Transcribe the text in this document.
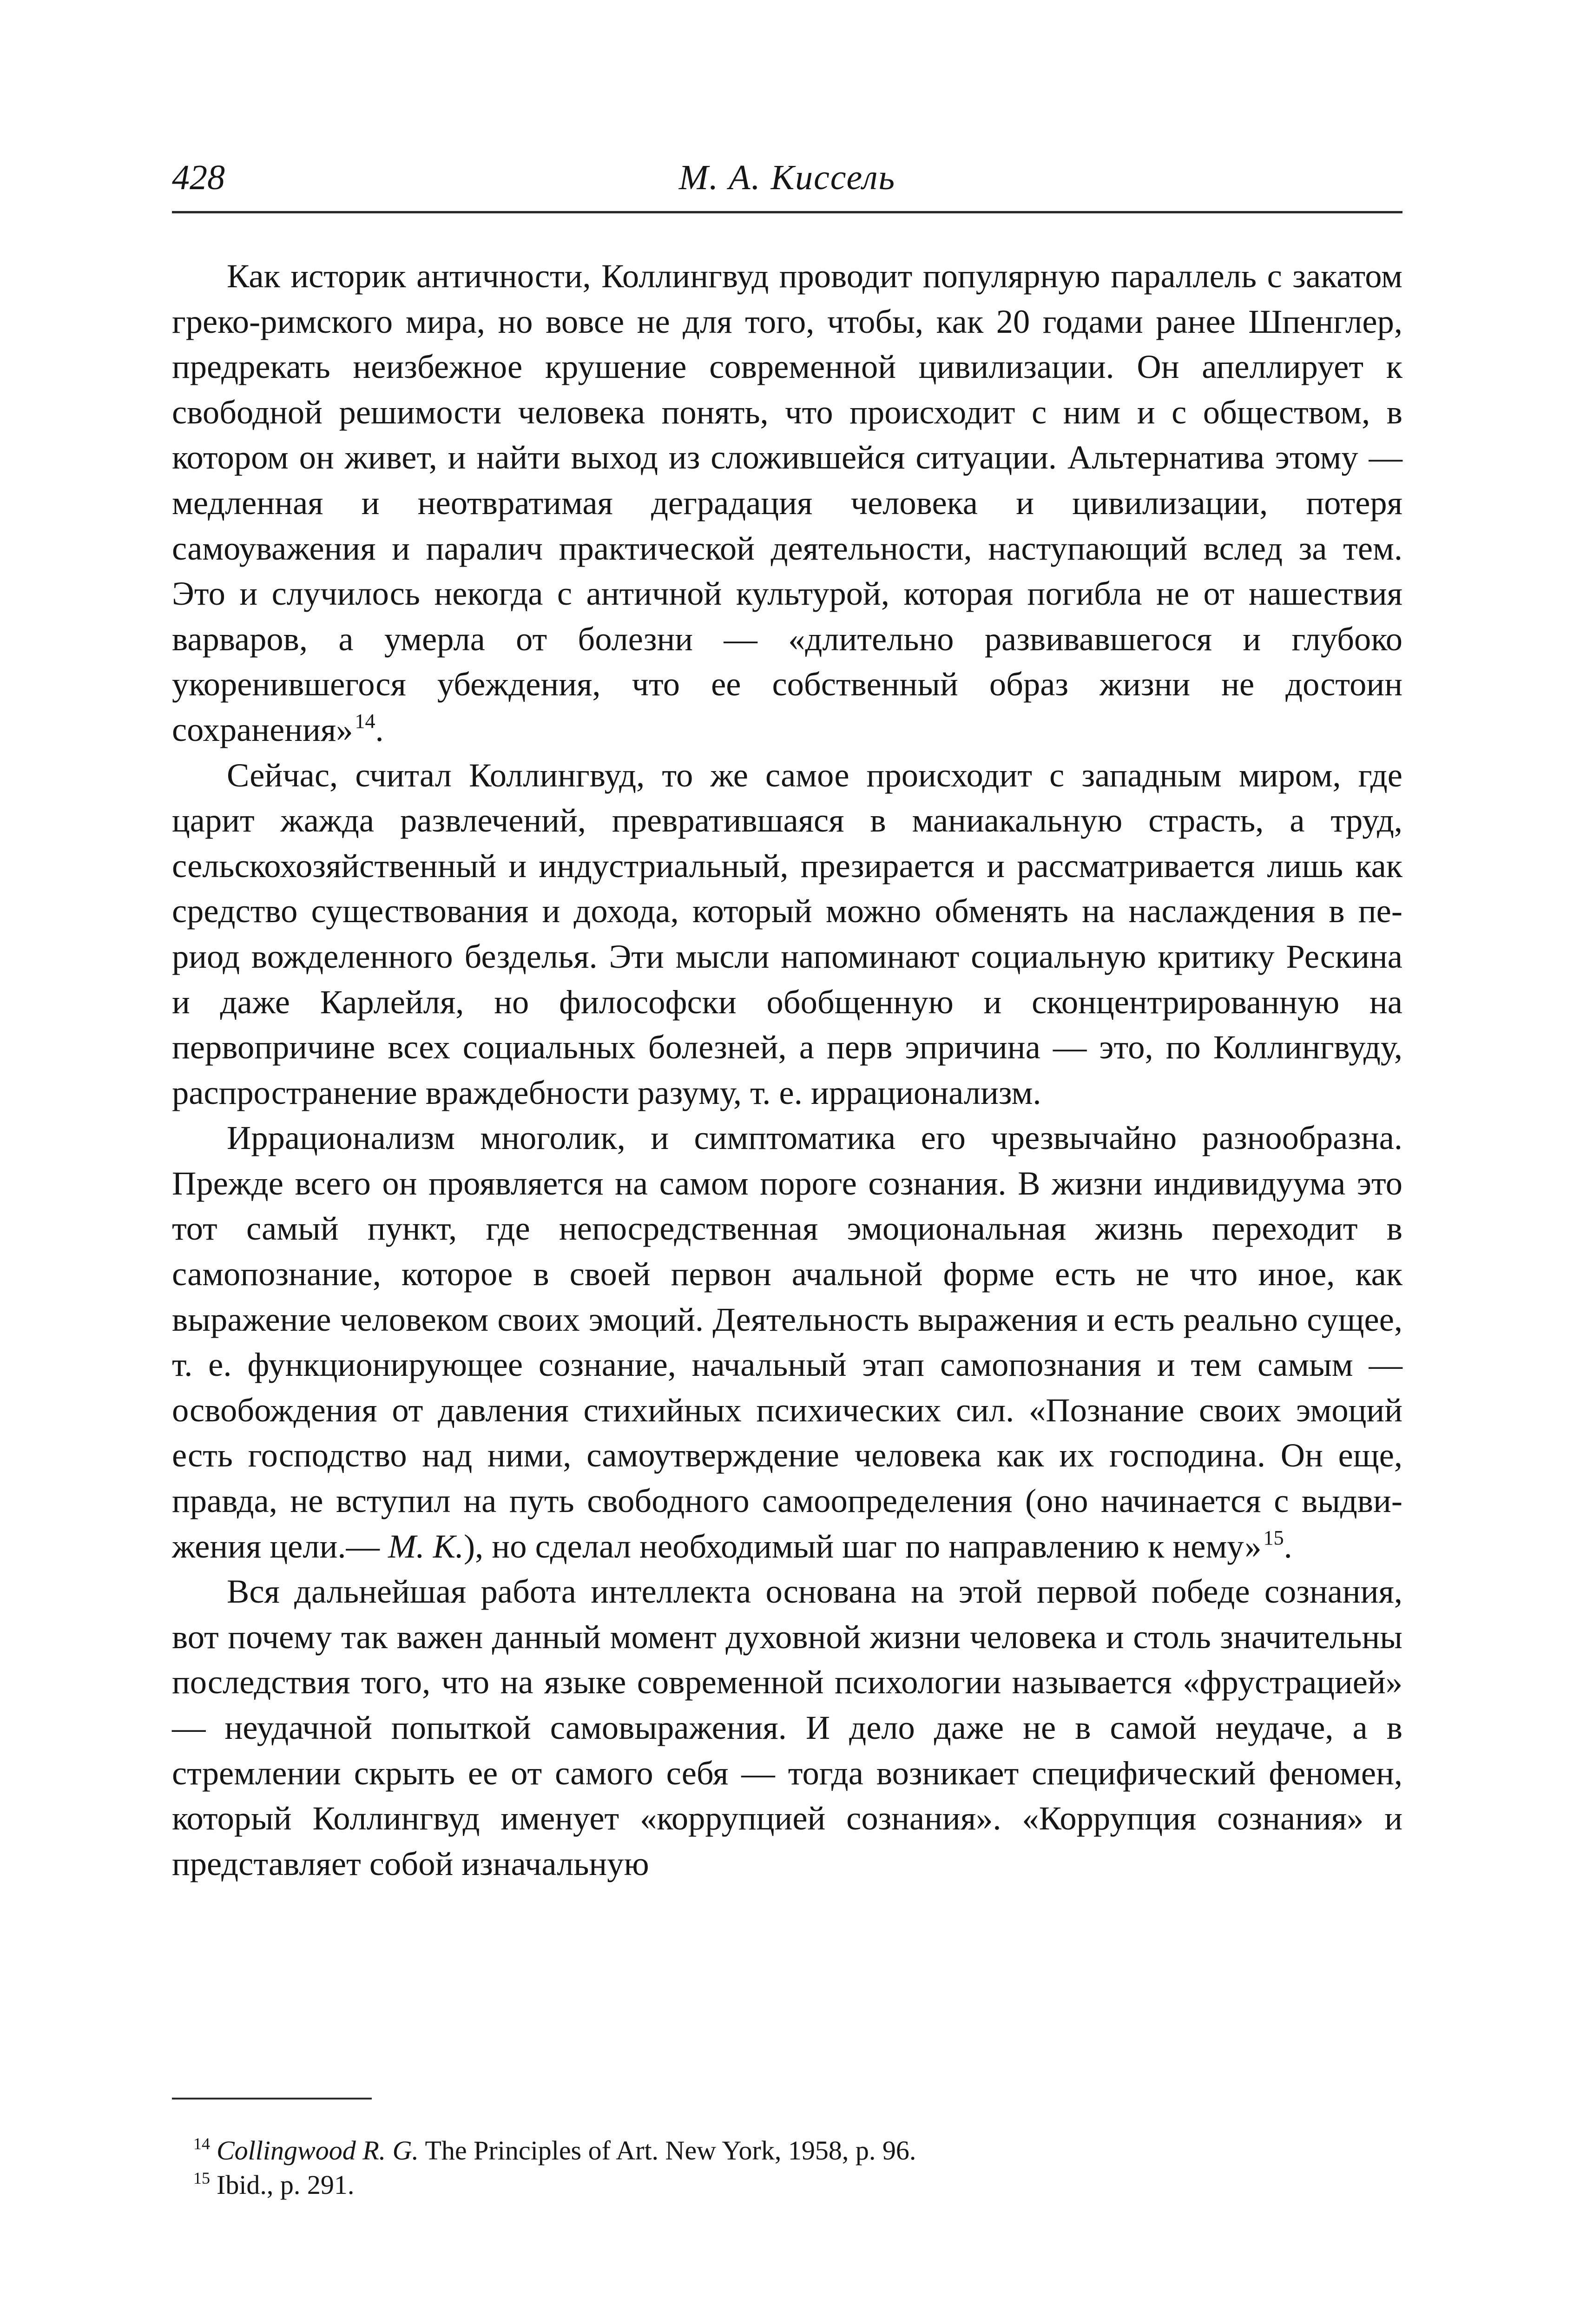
428	М. А. Киссель

Как историк античности, Коллингвуд проводит популярную параллель с закатом греко-римского мира, но вовсе не для того, чтобы, как 20 годами ранее Шпенглер, предрекать неизбежное крушение современной цивилизации. Он апеллирует к свободной решимости человека понять, что происходит с ним и с обществом, в котором он живет, и найти выход из сложившейся ситуации. Альтернатива этому — медленная и неотвратимая деградация человека и цивилизации, потеря самоуважения и паралич практической деятельности, наступающий вслед за тем. Это и случилось некогда с античной культурой, которая погибла не от нашествия варваров, а умерла от болезни — «длительно развивавшегося и глубоко укоренившегося убеждения, что ее собственный образ жизни не достоин сохранения»$^{14}$.

Сейчас, считал Коллингвуд, то же самое происходит с западным миром, где царит жажда развлечений, превратившаяся в маниакальную страсть, а труд, сельскохозяйственный и индустриальный, презирается и рассматривается лишь как средство существования и дохода, который можно обменять на наслаждения в период вожделенного безделья. Эти мысли напоминают социальную критику Рескина и даже Карлейля, но философски обобщенную и сконцентрированную на первопричине всех социальных болезней, а перв эпричина — это, по Коллингвуду, распространение враждебности разуму, т. е. иррационализм.

Иррационализм многолик, и симптоматика его чрезвычайно разнообразна. Прежде всего он проявляется на самом пороге сознания. В жизни индивидуума это тот самый пункт, где непосредственная эмоциональная жизнь переходит в самопознание, которое в своей первон ачальной форме есть не что иное, как выражение человеком своих эмоций. Деятельность выражения и есть реально сущее, т. е. функционирующее сознание, начальный этап самопознания и тем самым — освобождения от давления стихийных психических сил. «Познание своих эмоций есть господство над ними, самоутверждение человека как их господина. Он еще, правда, не вступил на путь свободного самоопределения (оно начинается с выдвижения цели.— М. К.), но сделал необходимый шаг по направлению к нему»$^{15}$.

Вся дальнейшая работа интеллекта основана на этой первой победе сознания, вот почему так важен данный момент духовной жизни человека и столь значительны последствия того, что на языке современной психологии называется «фрустрацией» — неудачной попыткой самовыражения. И дело даже не в самой неудаче, а в стремлении скрыть ее от самого себя — тогда возникает специфический феномен, который Коллингвуд именует «коррупцией сознания». «Коррупция сознания» и представляет собой изначальную

$^{14}$ Collingwood R. G. The Principles of Art. New York, 1958, p. 96.
$^{15}$ Ibid., p. 291.
